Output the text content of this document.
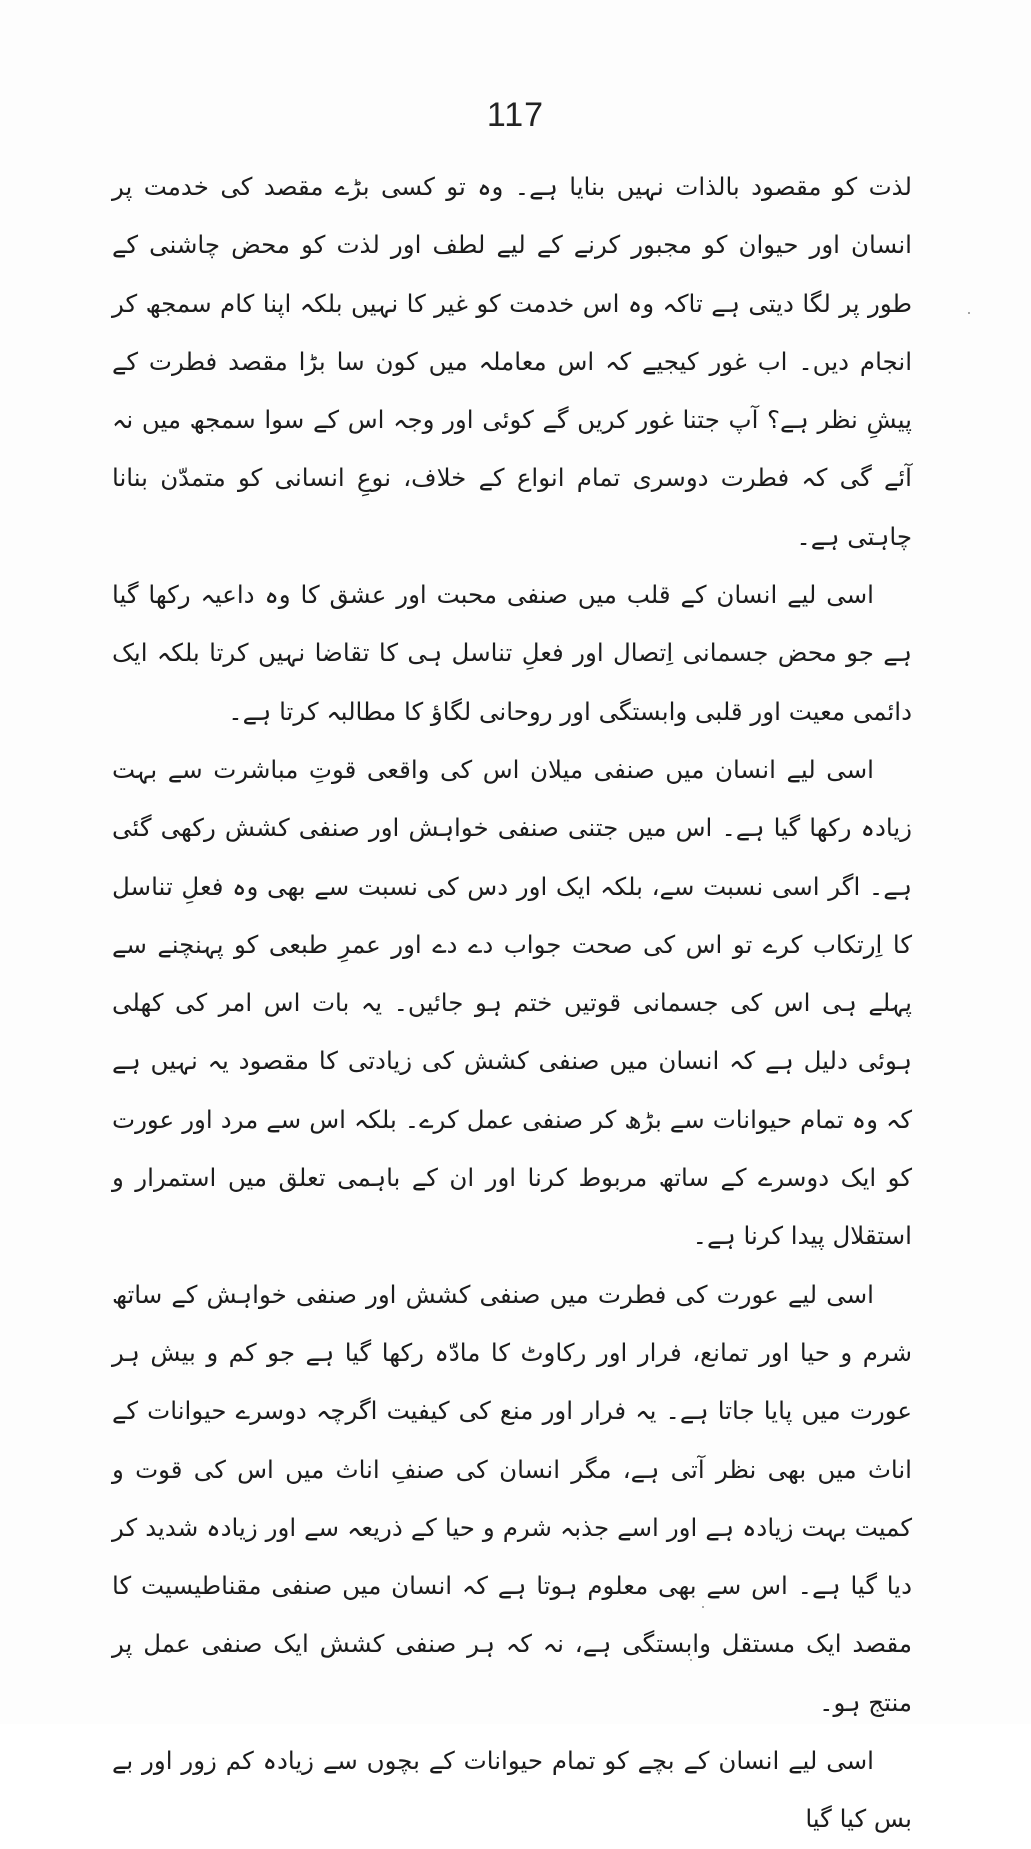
117

لذت کو مقصود بالذات نہیں بنایا ہے۔ وہ تو کسی بڑے مقصد کی خدمت پر انسان اور حیوان کو مجبور کرنے کے لیے لطف اور لذت کو محض چاشنی کے طور پر لگا دیتی ہے تاکہ وہ اس خدمت کو غیر کا نہیں بلکہ اپنا کام سمجھ کر انجام دیں۔ اب غور کیجیے کہ اس معاملہ میں کون سا بڑا مقصد فطرت کے پیشِ نظر ہے؟ آپ جتنا غور کریں گے کوئی اور وجہ اس کے سوا سمجھ میں نہ آئے گی کہ فطرت دوسری تمام انواع کے خلاف، نوعِ انسانی کو متمدّن بنانا چاہتی ہے۔

اسی لیے انسان کے قلب میں صنفی محبت اور عشق کا وہ داعیہ رکھا گیا ہے جو محض جسمانی اِتصال اور فعلِ تناسل ہی کا تقاضا نہیں کرتا بلکہ ایک دائمی معیت اور قلبی وابستگی اور روحانی لگاؤ کا مطالبہ کرتا ہے۔

اسی لیے انسان میں صنفی میلان اس کی واقعی قوتِ مباشرت سے بہت زیادہ رکھا گیا ہے۔ اس میں جتنی صنفی خواہش اور صنفی کشش رکھی گئی ہے۔ اگر اسی نسبت سے، بلکہ ایک اور دس کی نسبت سے بھی وہ فعلِ تناسل کا اِرتکاب کرے تو اس کی صحت جواب دے دے اور عمرِ طبعی کو پہنچنے سے پہلے ہی اس کی جسمانی قوتیں ختم ہو جائیں۔ یہ بات اس امر کی کھلی ہوئی دلیل ہے کہ انسان میں صنفی کشش کی زیادتی کا مقصود یہ نہیں ہے کہ وہ تمام حیوانات سے بڑھ کر صنفی عمل کرے۔ بلکہ اس سے مرد اور عورت کو ایک دوسرے کے ساتھ مربوط کرنا اور ان کے باہمی تعلق میں استمرار و استقلال پیدا کرنا ہے۔

اسی لیے عورت کی فطرت میں صنفی کشش اور صنفی خواہش کے ساتھ شرم و حیا اور تمانع، فرار اور رکاوٹ کا مادّہ رکھا گیا ہے جو کم و بیش ہر عورت میں پایا جاتا ہے۔ یہ فرار اور منع کی کیفیت اگرچہ دوسرے حیوانات کے اناث میں بھی نظر آتی ہے، مگر انسان کی صنفِ اناث میں اس کی قوت و کمیت بہت زیادہ ہے اور اسے جذبہ شرم و حیا کے ذریعہ سے اور زیادہ شدید کر دیا گیا ہے۔ اس سے بھی معلوم ہوتا ہے کہ انسان میں صنفی مقناطیسیت کا مقصد ایک مستقل وابستگی ہے، نہ کہ ہر صنفی کشش ایک صنفی عمل پر منتج ہو۔

اسی لیے انسان کے بچے کو تمام حیوانات کے بچوں سے زیادہ کم زور اور بے بس کیا گیا
